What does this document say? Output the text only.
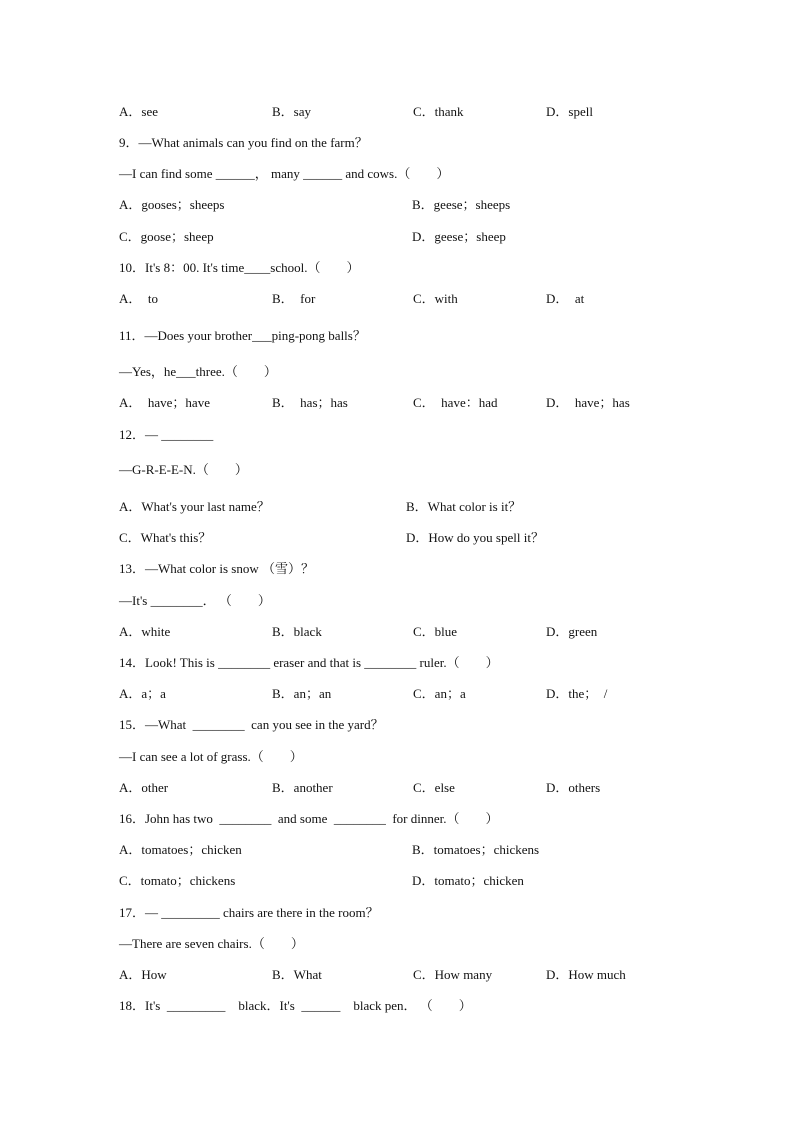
A．see	B．say	C．thank	D．spell
9．—What animals can you find on the farm？
—I can find some ______， many ______ and cows.（　　）
A．gooses；sheeps	B．geese；sheeps
C．goose；sheep	D．geese；sheep
10．It's 8：00. It's time____school.（　　）
A．  to	B．  for	C．with	D．  at
11．—Does your brother___ping-pong balls？
—Yes，he___three.（　　）
A．  have；have	B．  has；has	C．  have：had	D．  have；has
12．— ________
—G-R-E-E-N.（　　）
A．What's your last name？	B．What color is it？
C．What's this？	D．How do you spell it？
13．—What color is snow （雪）？
—It's ________． （　　）
A．white	B．black	C．blue	D．green
14．Look! This is ________ eraser and that is ________ ruler.（　　）
A．a；a	B．an；an	C．an；a	D．the；　/
15．—What  ________  can you see in the yard？
—I can see a lot of grass.（　　）
A．other	B．another	C．else	D．others
16．John has two  ________  and some  ________  for dinner.（　　）
A．tomatoes；chicken	B．tomatoes；chickens
C．tomato；chickens	D．tomato；chicken
17．— _________ chairs are there in the room？
—There are seven chairs.（　　）
A．How	B．What	C．How many	D．How much
18．It's  _________    black．It's  ______    black pen． （　　）
